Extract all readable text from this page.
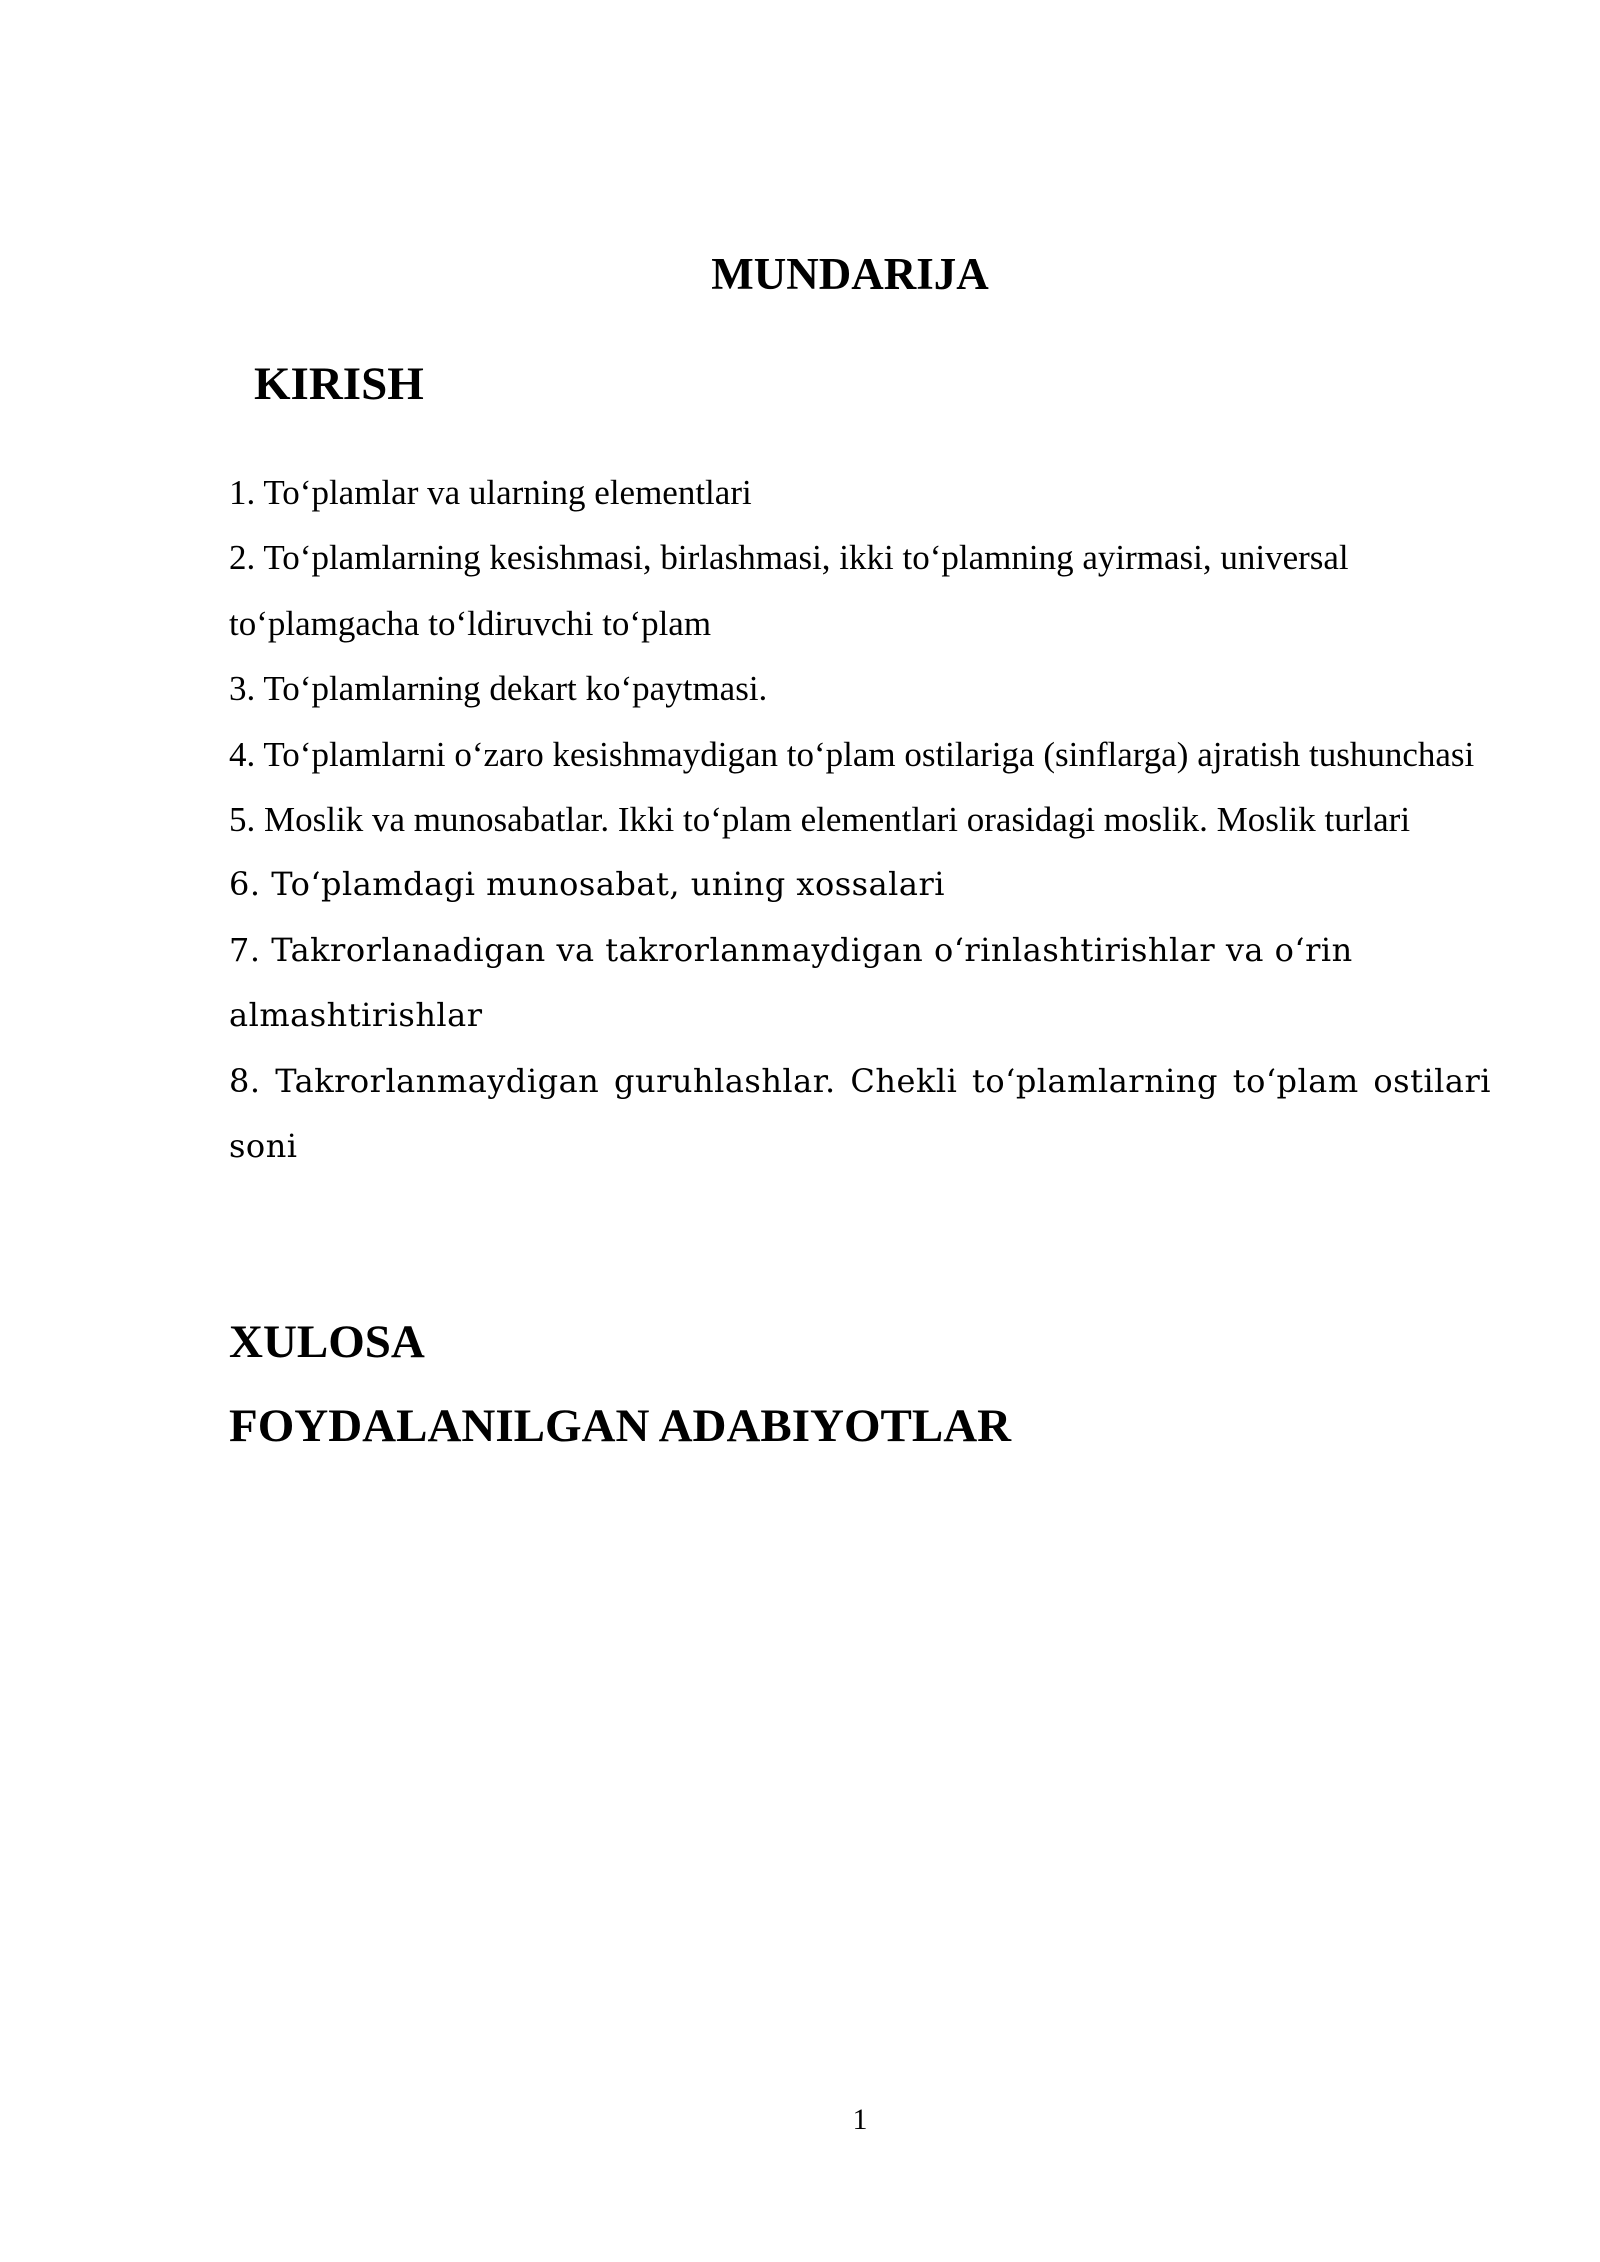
MUNDARIJA
KIRISH
1. To‘plamlar va ularning elementlari
2. To‘plamlarning kesishmasi, birlashmasi, ikki to‘plamning ayirmasi, universal to‘plamgacha to‘ldiruvchi to‘plam
3. To‘plamlarning dekart ko‘paytmasi.
4. To‘plamlarni o‘zaro kesishmaydigan to‘plam ostilariga (sinflarga) ajratish tushunchasi
5. Moslik va munosabatlar. Ikki to‘plam elementlari orasidagi moslik. Moslik turlari
6. To‘plamdagi munosabat, uning xossalari
7. Takrorlanadigan va takrorlanmaydigan o‘rinlashtirishlar va o‘rin almashtirishlar
8. Takrorlanmaydigan guruhlashlar. Chekli to‘plamlarning to‘plam ostilari soni
XULOSA
FOYDALANILGAN ADABIYOTLAR
1
